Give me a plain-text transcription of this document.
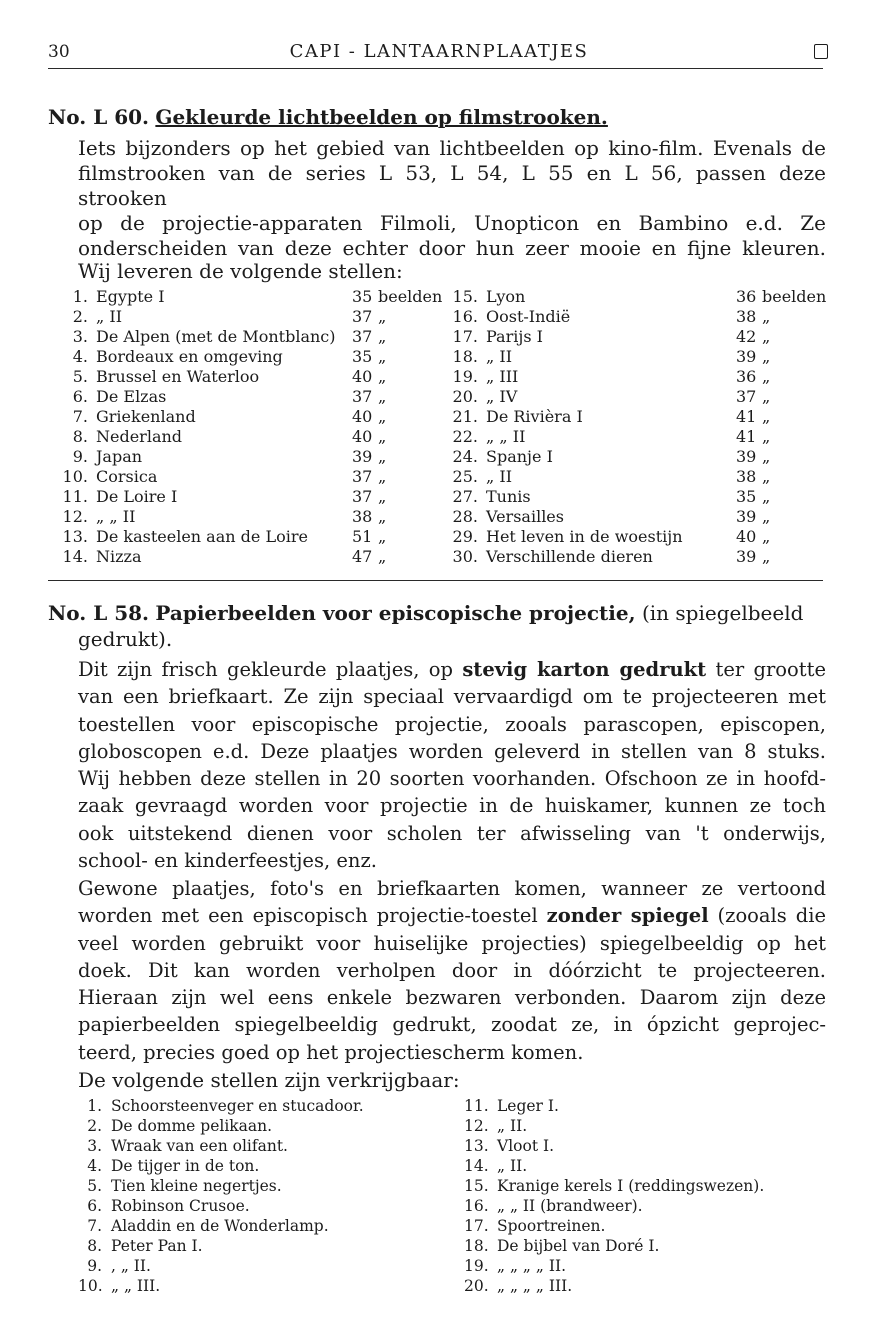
30	CAPI - LANTAARNPLAATJES
No. L 60. Gekleurde lichtbeelden op filmstrooken.
Iets bijzonders op het gebied van lichtbeelden op kino-film. Evenals de
filmstrooken van de series L 53, L 54, L 55 en L 56, passen deze strooken
op de projectie-apparaten Filmoli, Unopticon en Bambino e.d. Ze
onderscheiden van deze echter door hun zeer mooie en fijne kleuren.
Wij leveren de volgende stellen:
1. Egypte I	35 beelden
2. „ II	37 „
3. De Alpen (met de Montblanc) 37 „
4. Bordeaux en omgeving	35 „
5. Brussel en Waterloo	40 „
6. De Elzas	37 „
7. Griekenland	40 „
8. Nederland	40 „
9. Japan	39 „
10. Corsica	37 „
11. De Loire I	37 „
12. „ „ II	38 „
13. De kasteelen aan de Loire	51 „
14. Nizza	47 „
15. Lyon	36 beelden
16. Oost-Indië	38 „
17. Parijs I	42 „
18. „ II	39 „
19. „ III	36 „
20. „ IV	37 „
21. De Rivièra I	41 „
22. „ „ II	41 „
24. Spanje I	39 „
25. „ II	38 „
27. Tunis	35 „
28. Versailles	39 „
29. Het leven in de woestijn	40 „
30. Verschillende dieren	39 „
No. L 58. Papierbeelden voor episcopische projectie, (in spiegelbeeld
gedrukt).
Dit zijn frisch gekleurde plaatjes, op stevig karton gedrukt ter grootte
van een briefkaart. Ze zijn speciaal vervaardigd om te projecteeren met
toestellen voor episcopische projectie, zooals parascopen, episcopen,
globoscopen e.d. Deze plaatjes worden geleverd in stellen van 8 stuks.
Wij hebben deze stellen in 20 soorten voorhanden. Ofschoon ze in hoofd-
zaak gevraagd worden voor projectie in de huiskamer, kunnen ze toch
ook uitstekend dienen voor scholen ter afwisseling van 't onderwijs,
school- en kinderfeestjes, enz.
Gewone plaatjes, foto's en briefkaarten komen, wanneer ze vertoond
worden met een episcopisch projectie-toestel zonder spiegel (zooals die
veel worden gebruikt voor huiselijke projecties) spiegelbeeldig op het
doek. Dit kan worden verholpen door in dóórzicht te projecteeren.
Hieraan zijn wel eens enkele bezwaren verbonden. Daarom zijn deze
papierbeelden spiegelbeeldig gedrukt, zoodat ze, in ópzicht geprojec-
teerd, precies goed op het projectiescherm komen.
De volgende stellen zijn verkrijgbaar:
1. Schoorsteenveger en stucadoor.
2. De domme pelikaan.
3. Wraak van een olifant.
4. De tijger in de ton.
5. Tien kleine negertjes.
6. Robinson Crusoe.
7. Aladdin en de Wonderlamp.
8. Peter Pan I.
9. , „ II.
10. „ „ III.
11. Leger I.
12. „ II.
13. Vloot I.
14. „ II.
15. Kranige kerels I (reddingswezen).
16. „ „ II (brandweer).
17. Spoortreinen.
18. De bijbel van Doré I.
19. „ „ „ „ II.
20. „ „ „ „ III.
